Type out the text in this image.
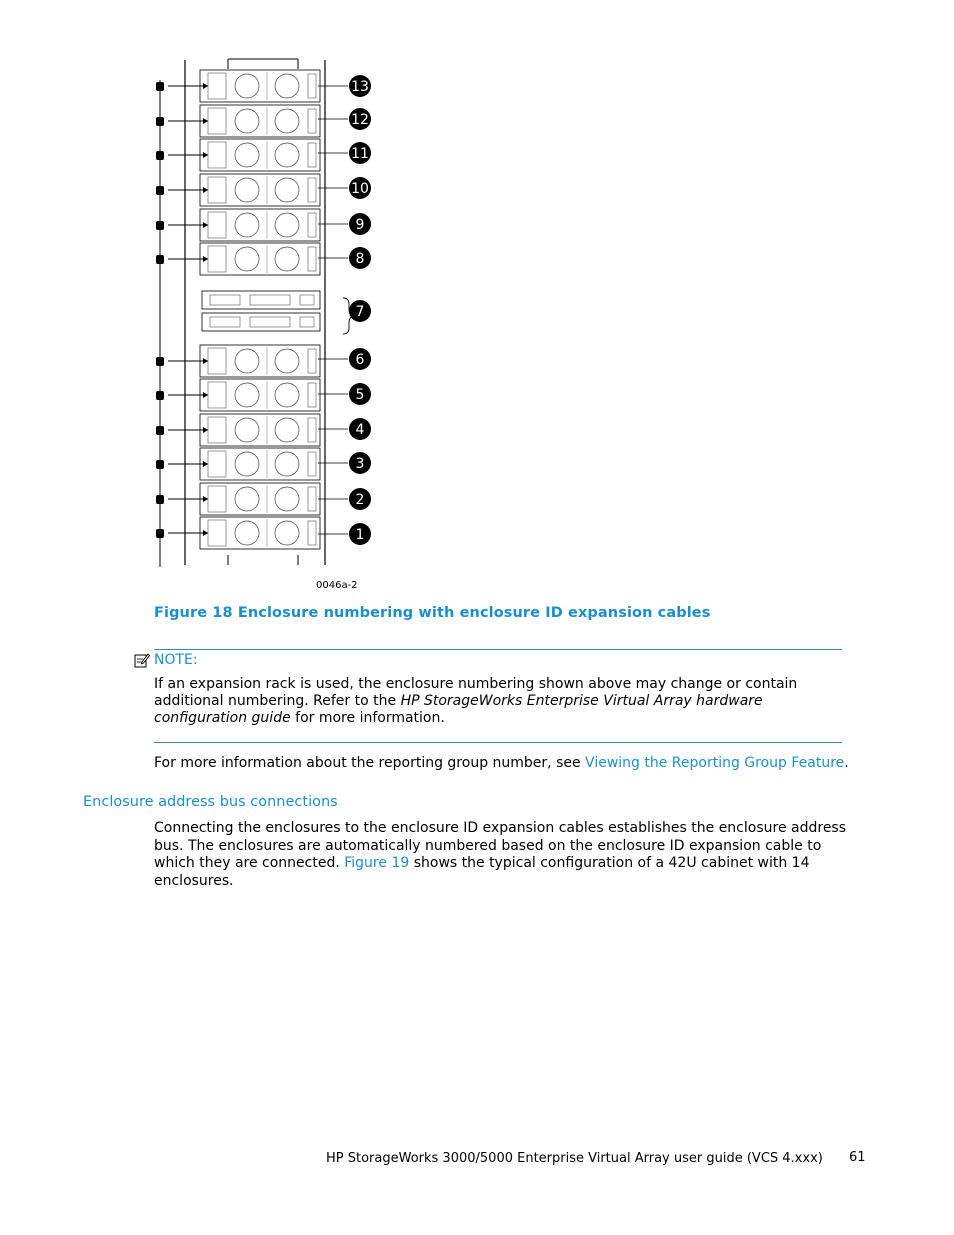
13
12
11
10
9
8
7
6
5
4
3
2
1
0046a-2
Figure 18 Enclosure numbering with enclosure ID expansion cables
NOTE:
If an expansion rack is used, the enclosure numbering shown above may change or contain additional numbering. Refer to the HP StorageWorks Enterprise Virtual Array hardware configuration guide for more information.
For more information about the reporting group number, see Viewing the Reporting Group Feature.
Enclosure address bus connections
Connecting the enclosures to the enclosure ID expansion cables establishes the enclosure address bus. The enclosures are automatically numbered based on the enclosure ID expansion cable to which they are connected. Figure 19 shows the typical configuration of a 42U cabinet with 14 enclosures.
HP StorageWorks 3000/5000 Enterprise Virtual Array user guide (VCS 4.xxx) 61
